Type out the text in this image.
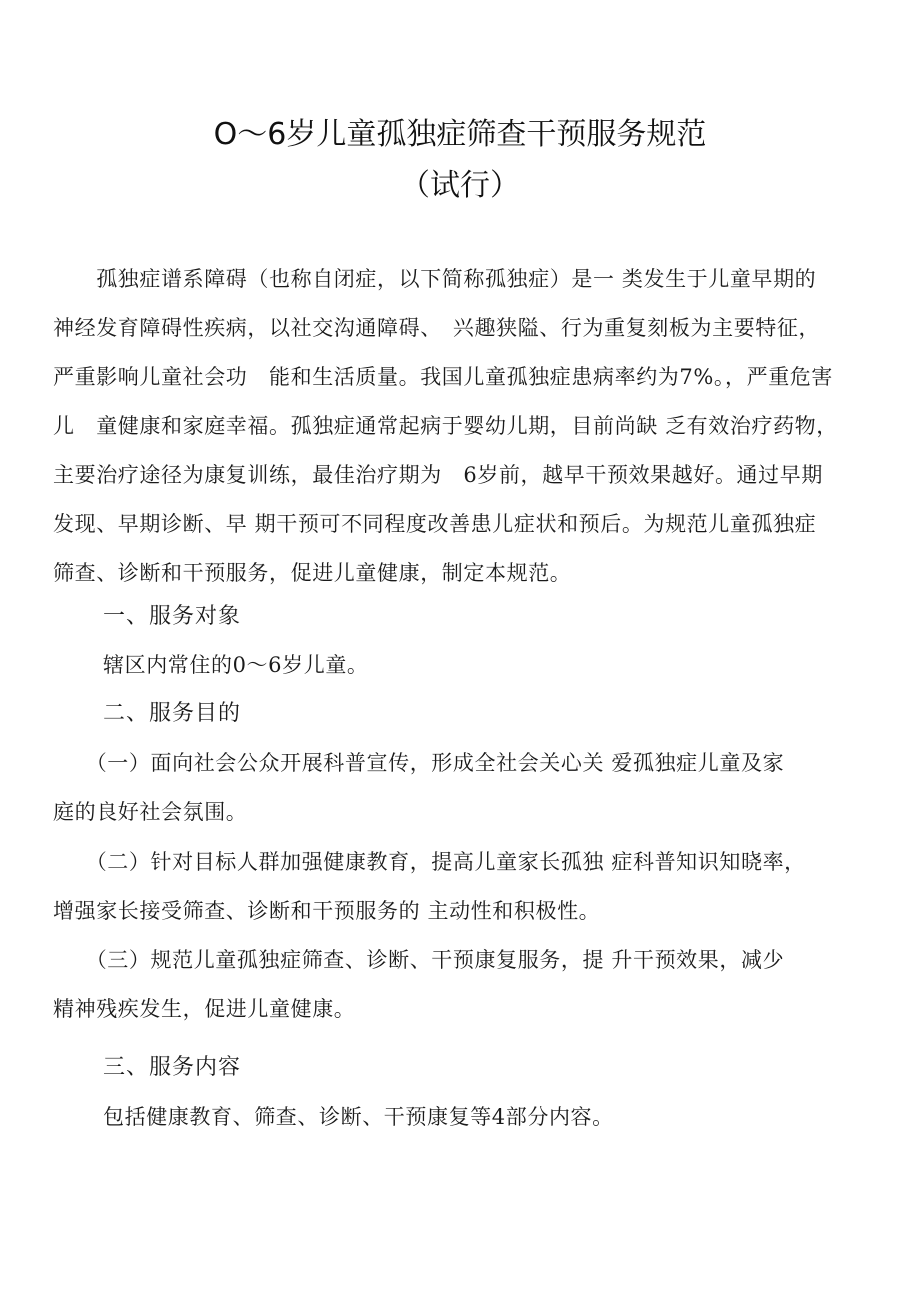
O～6岁儿童孤独症筛查干预服务规范
（试行）
　　孤独症谱系障碍（也称自闭症，以下简称孤独症）是一 类发生于儿童早期的
神经发育障碍性疾病，以社交沟通障碍、　兴趣狭隘、行为重复刻板为主要特征，
严重影响儿童社会功　能和生活质量。我国儿童孤独症患病率约为7%。，严重危害
儿　童健康和家庭幸福。孤独症通常起病于婴幼儿期，目前尚缺 乏有效治疗药物，
主要治疗途径为康复训练，最佳治疗期为　6岁前，越早干预效果越好。通过早期
发现、早期诊断、早 期干预可不同程度改善患儿症状和预后。为规范儿童孤独症
筛查、诊断和干预服务，促进儿童健康，制定本规范。
一、服务对象
辖区内常住的0～6岁儿童。
二、服务目的
　　（一）面向社会公众开展科普宣传，形成全社会关心关 爱孤独症儿童及家
庭的良好社会氛围。
　　（二）针对目标人群加强健康教育，提高儿童家长孤独 症科普知识知晓率，
增强家长接受筛查、诊断和干预服务的 主动性和积极性。
　　（三）规范儿童孤独症筛查、诊断、干预康复服务，提 升干预效果，减少
精神残疾发生，促进儿童健康。
三、服务内容
包括健康教育、筛查、诊断、干预康复等4部分内容。
